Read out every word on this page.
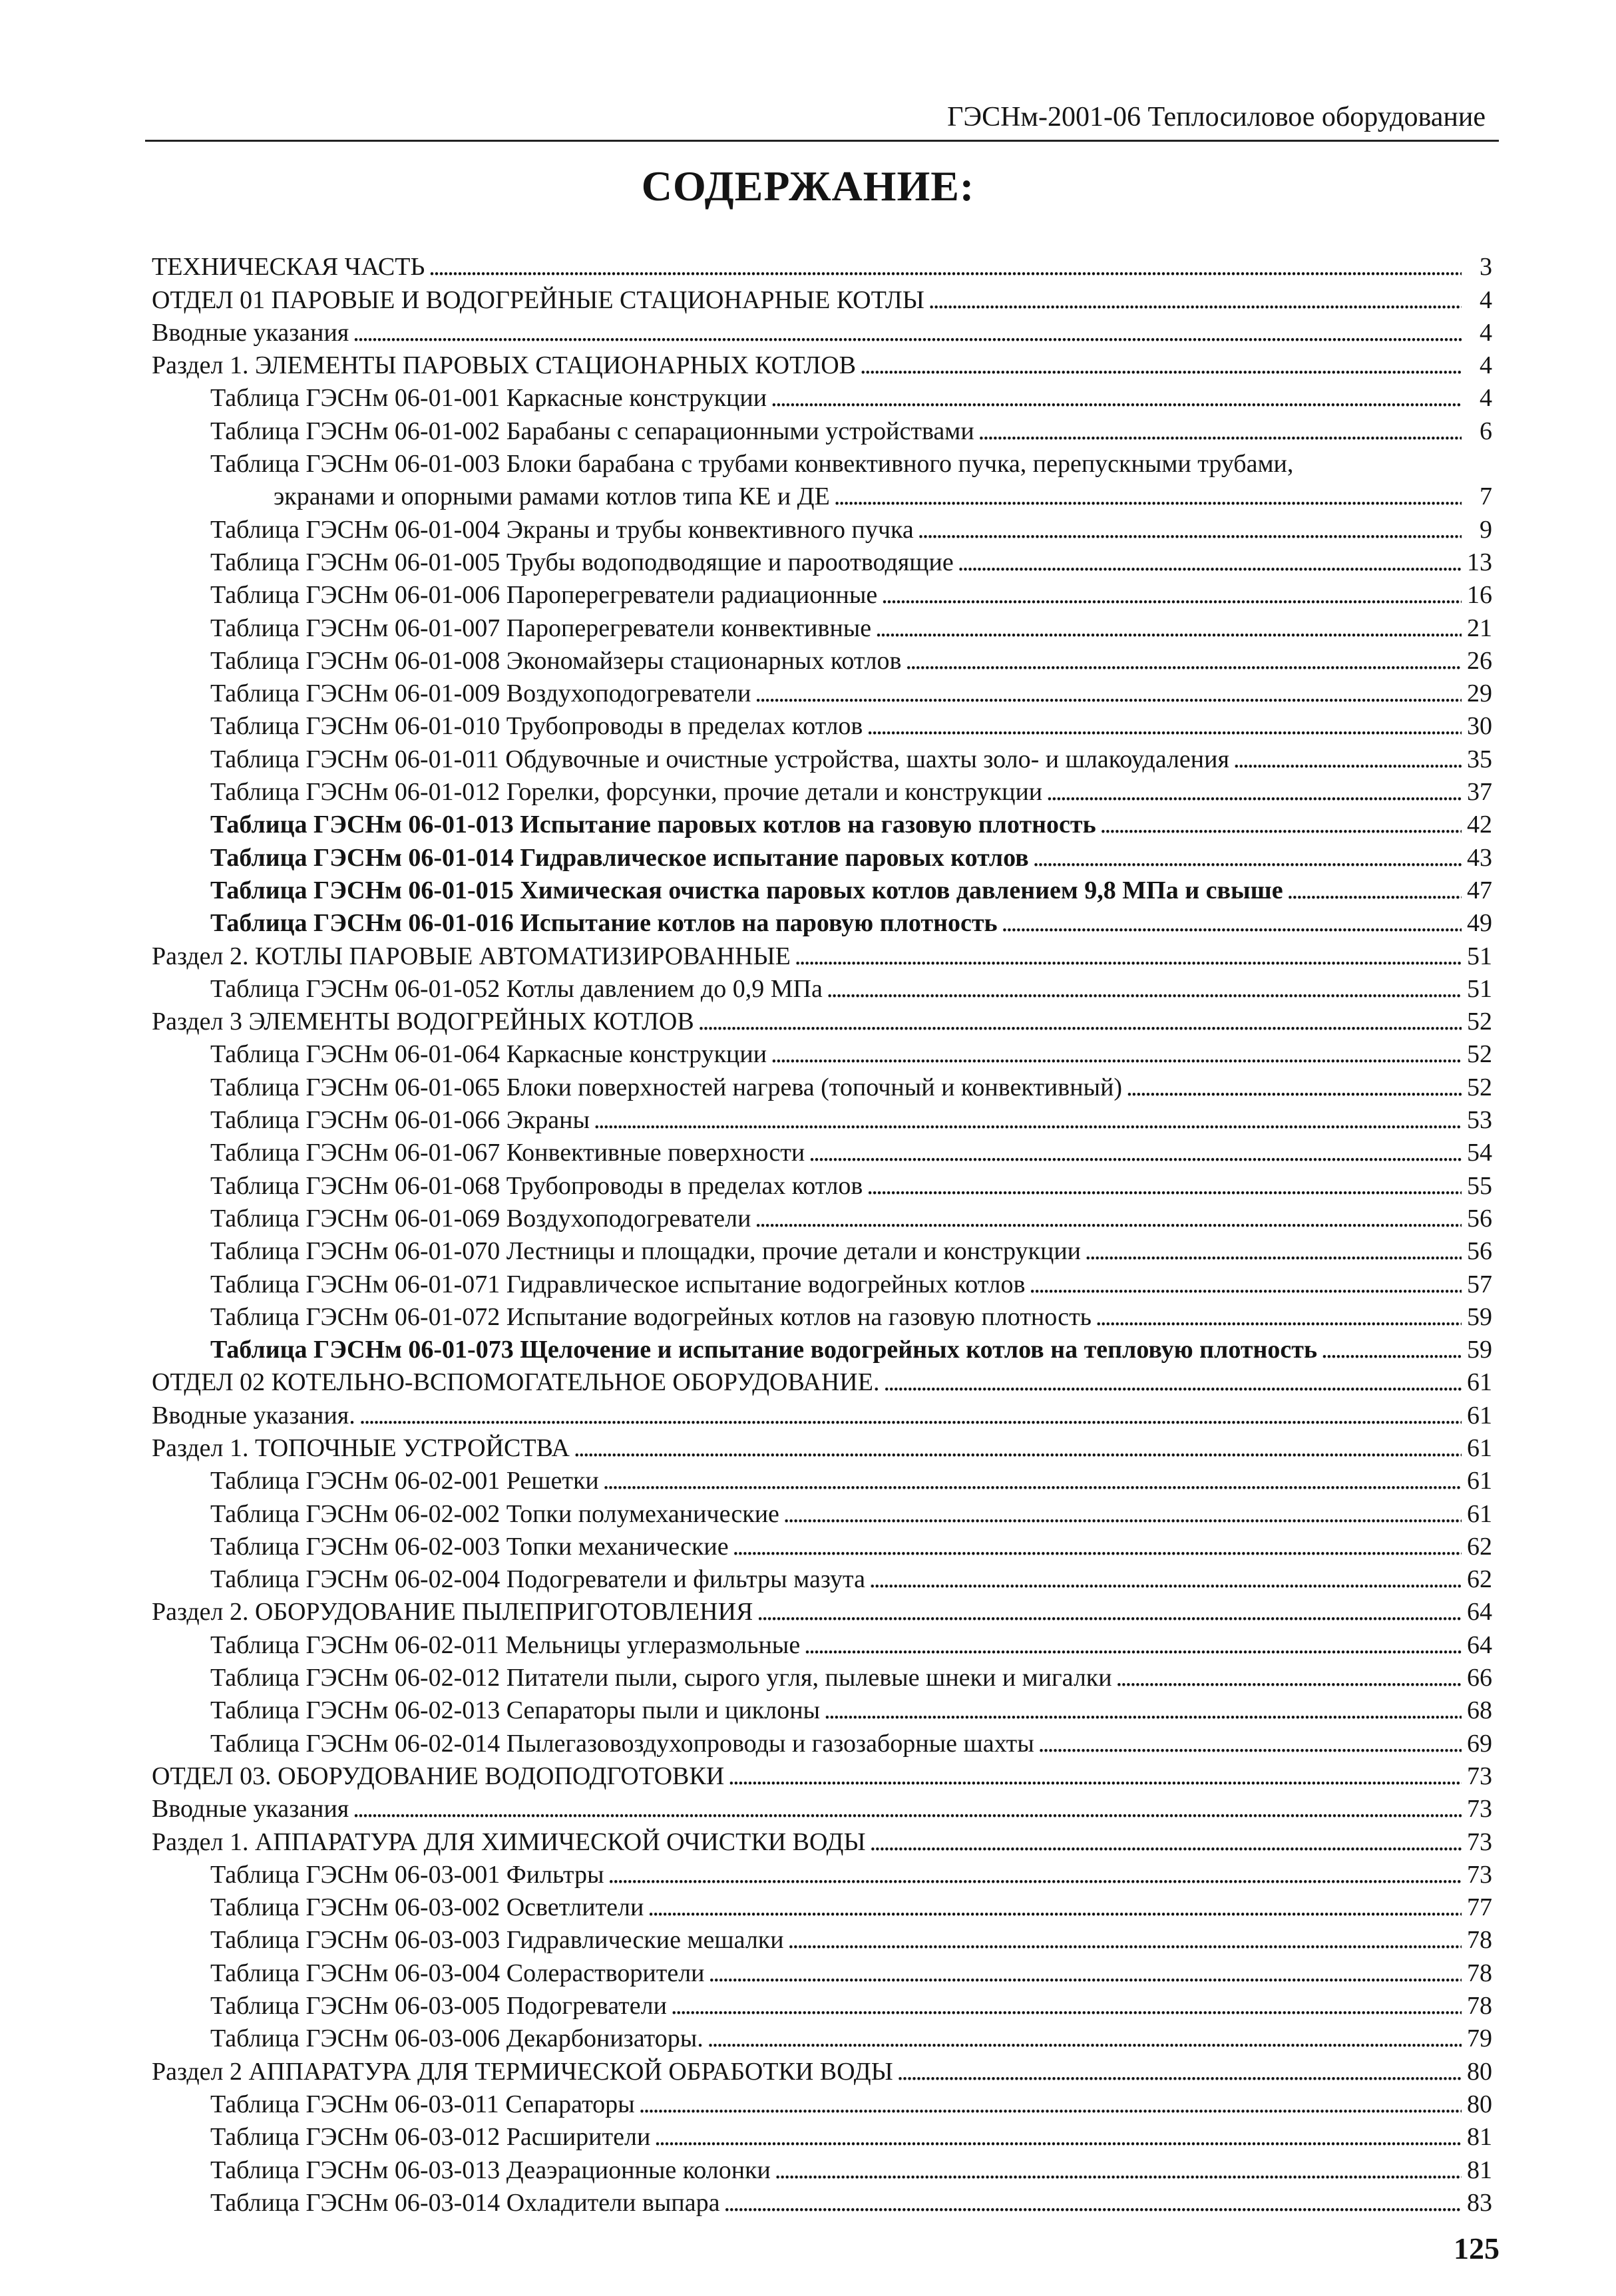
ГЭСНм-2001-06 Теплосиловое оборудование
СОДЕРЖАНИЕ:
ТЕХНИЧЕСКАЯ ЧАСТЬ . . .	3
ОТДЕЛ 01 ПАРОВЫЕ И ВОДОГРЕЙНЫЕ СТАЦИОНАРНЫЕ КОТЛЫ . . .	4
Вводные указания . . .	4
Раздел 1. ЭЛЕМЕНТЫ ПАРОВЫХ СТАЦИОНАРНЫХ КОТЛОВ . . .	4
Таблица ГЭСНм 06-01-001 Каркасные конструкции . . .	4
Таблица ГЭСНм 06-01-002 Барабаны с сепарационными устройствами . . .	6
Таблица ГЭСНм 06-01-003 Блоки барабана с трубами конвективного пучка, перепускными трубами,
экранами и опорными рамами котлов типа КЕ и ДЕ . . .	7
Таблица ГЭСНм 06-01-004 Экраны и трубы конвективного пучка . . .	9
Таблица ГЭСНм 06-01-005 Трубы водоподводящие и пароотводящие . . .	13
Таблица ГЭСНм 06-01-006 Пароперегреватели радиационные . . .	16
Таблица ГЭСНм 06-01-007 Пароперегреватели конвективные . . .	21
Таблица ГЭСНм 06-01-008 Экономайзеры стационарных котлов . . .	26
Таблица ГЭСНм 06-01-009 Воздухоподогреватели . . .	29
Таблица ГЭСНм 06-01-010 Трубопроводы в пределах котлов . . .	30
Таблица ГЭСНм 06-01-011 Обдувочные и очистные устройства, шахты золо- и шлакоудаления . . .	35
Таблица ГЭСНм 06-01-012 Горелки, форсунки, прочие детали и конструкции . . .	37
Таблица ГЭСНм 06-01-013 Испытание паровых котлов на газовую плотность . . .	42
Таблица ГЭСНм 06-01-014 Гидравлическое испытание паровых котлов . . .	43
Таблица ГЭСНм 06-01-015 Химическая очистка паровых котлов давлением 9,8 МПа и свыше . . .	47
Таблица ГЭСНм 06-01-016 Испытание котлов на паровую плотность . . .	49
Раздел 2. КОТЛЫ ПАРОВЫЕ АВТОМАТИЗИРОВАННЫЕ . . .	51
Таблица ГЭСНм 06-01-052 Котлы давлением до 0,9 МПа . . .	51
Раздел 3 ЭЛЕМЕНТЫ ВОДОГРЕЙНЫХ КОТЛОВ . . .	52
Таблица ГЭСНм 06-01-064 Каркасные конструкции . . .	52
Таблица ГЭСНм 06-01-065 Блоки поверхностей нагрева (топочный и конвективный) . . .	52
Таблица ГЭСНм 06-01-066 Экраны . . .	53
Таблица ГЭСНм 06-01-067 Конвективные поверхности . . .	54
Таблица ГЭСНм 06-01-068 Трубопроводы в пределах котлов . . .	55
Таблица ГЭСНм 06-01-069 Воздухоподогреватели . . .	56
Таблица ГЭСНм 06-01-070 Лестницы и площадки, прочие детали и конструкции . . .	56
Таблица ГЭСНм 06-01-071 Гидравлическое испытание водогрейных котлов . . .	57
Таблица ГЭСНм 06-01-072 Испытание водогрейных котлов на газовую плотность . . .	59
Таблица ГЭСНм 06-01-073 Щелочение и испытание водогрейных котлов на тепловую плотность . . .	59
ОТДЕЛ 02 КОТЕЛЬНО-ВСПОМОГАТЕЛЬНОЕ ОБОРУДОВАНИЕ. . . .	61
Вводные указания. . . .	61
Раздел 1. ТОПОЧНЫЕ УСТРОЙСТВА . . .	61
Таблица ГЭСНм 06-02-001 Решетки . . .	61
Таблица ГЭСНм 06-02-002 Топки полумеханические . . .	61
Таблица ГЭСНм 06-02-003 Топки механические . . .	62
Таблица ГЭСНм 06-02-004 Подогреватели и фильтры мазута . . .	62
Раздел 2. ОБОРУДОВАНИЕ ПЫЛЕПРИГОТОВЛЕНИЯ . . .	64
Таблица ГЭСНм 06-02-011 Мельницы углеразмольные . . .	64
Таблица ГЭСНм 06-02-012 Питатели пыли, сырого угля, пылевые шнеки и мигалки . . .	66
Таблица ГЭСНм 06-02-013 Сепараторы пыли и циклоны . . .	68
Таблица ГЭСНм 06-02-014 Пылегазовоздухопроводы и газозаборные шахты . . .	69
ОТДЕЛ 03. ОБОРУДОВАНИЕ ВОДОПОДГОТОВКИ . . .	73
Вводные указания . . .	73
Раздел 1. АППАРАТУРА ДЛЯ ХИМИЧЕСКОЙ ОЧИСТКИ ВОДЫ . . .	73
Таблица ГЭСНм 06-03-001 Фильтры . . .	73
Таблица ГЭСНм 06-03-002 Осветлители . . .	77
Таблица ГЭСНм 06-03-003 Гидравлические мешалки . . .	78
Таблица ГЭСНм 06-03-004 Солерастворители . . .	78
Таблица ГЭСНм 06-03-005 Подогреватели . . .	78
Таблица ГЭСНм 06-03-006 Декарбонизаторы. . . .	79
Раздел 2 АППАРАТУРА ДЛЯ ТЕРМИЧЕСКОЙ ОБРАБОТКИ ВОДЫ . . .	80
Таблица ГЭСНм 06-03-011 Сепараторы . . .	80
Таблица ГЭСНм 06-03-012 Расширители . . .	81
Таблица ГЭСНм 06-03-013 Деаэрационные колонки . . .	81
Таблица ГЭСНм 06-03-014 Охладители выпара . . .	83
125
